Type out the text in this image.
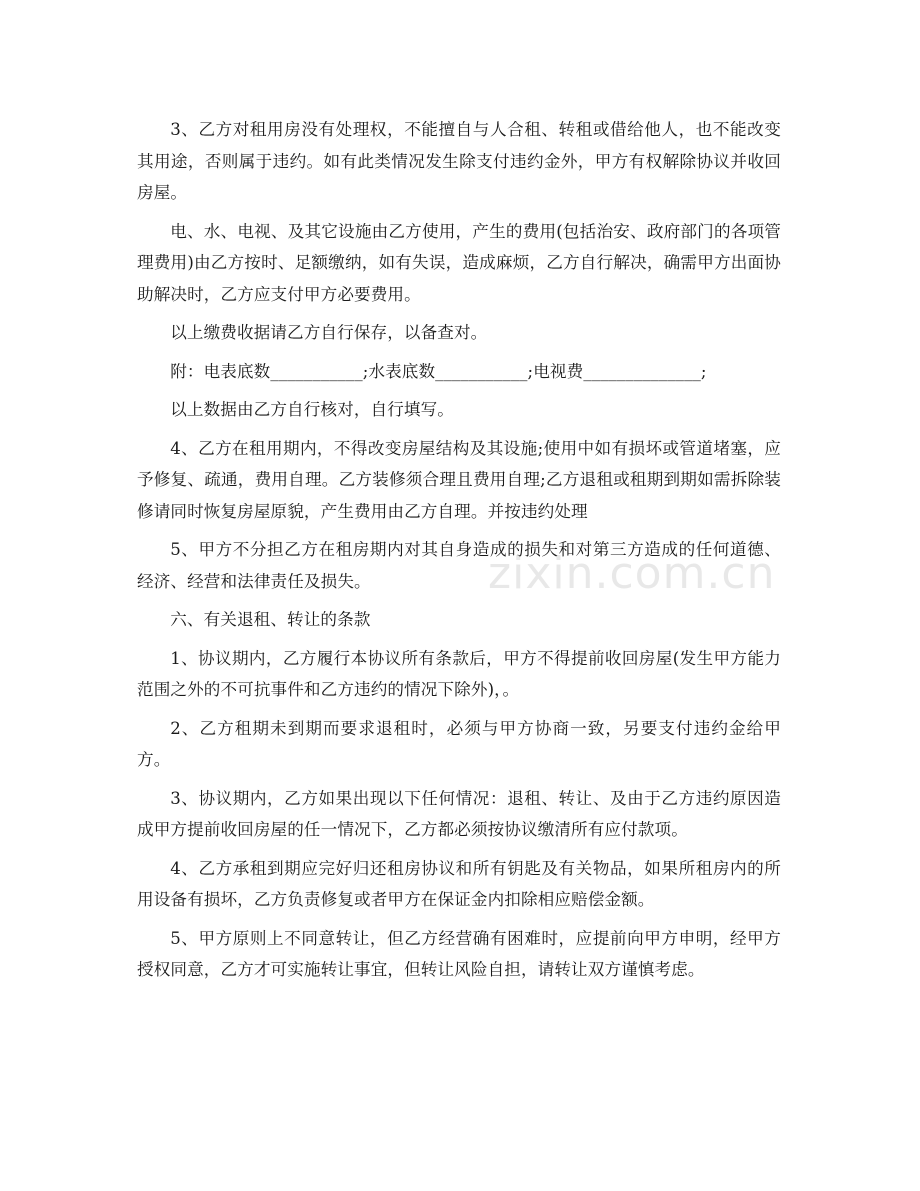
3、乙方对租用房没有处理权，不能擅自与人合租、转租或借给他人，也不能改变其用途，否则属于违约。如有此类情况发生除支付违约金外，甲方有权解除协议并收回房屋。

电、水、电视、及其它设施由乙方使用，产生的费用(包括治安、政府部门的各项管理费用)由乙方按时、足额缴纳，如有失误，造成麻烦，乙方自行解决，确需甲方出面协助解决时，乙方应支付甲方必要费用。

以上缴费收据请乙方自行保存，以备查对。

附：电表底数___________;水表底数___________;电视费______________;

以上数据由乙方自行核对，自行填写。

4、乙方在租用期内，不得改变房屋结构及其设施;使用中如有损坏或管道堵塞，应予修复、疏通，费用自理。乙方装修须合理且费用自理;乙方退租或租期到期如需拆除装修请同时恢复房屋原貌，产生费用由乙方自理。并按违约处理

5、甲方不分担乙方在租房期内对其自身造成的损失和对第三方造成的任何道德、经济、经营和法律责任及损失。

六、有关退租、转让的条款

1、协议期内，乙方履行本协议所有条款后，甲方不得提前收回房屋(发生甲方能力范围之外的不可抗事件和乙方违约的情况下除外)，。

2、乙方租期未到期而要求退租时，必须与甲方协商一致，另要支付违约金给甲方。

3、协议期内，乙方如果出现以下任何情况：退租、转让、及由于乙方违约原因造成甲方提前收回房屋的任一情况下，乙方都必须按协议缴清所有应付款项。

4、乙方承租到期应完好归还租房协议和所有钥匙及有关物品，如果所租房内的所用设备有损坏，乙方负责修复或者甲方在保证金内扣除相应赔偿金额。

5、甲方原则上不同意转让，但乙方经营确有困难时，应提前向甲方申明，经甲方授权同意，乙方才可实施转让事宜，但转让风险自担，请转让双方谨慎考虑。

zixin.com.cn
